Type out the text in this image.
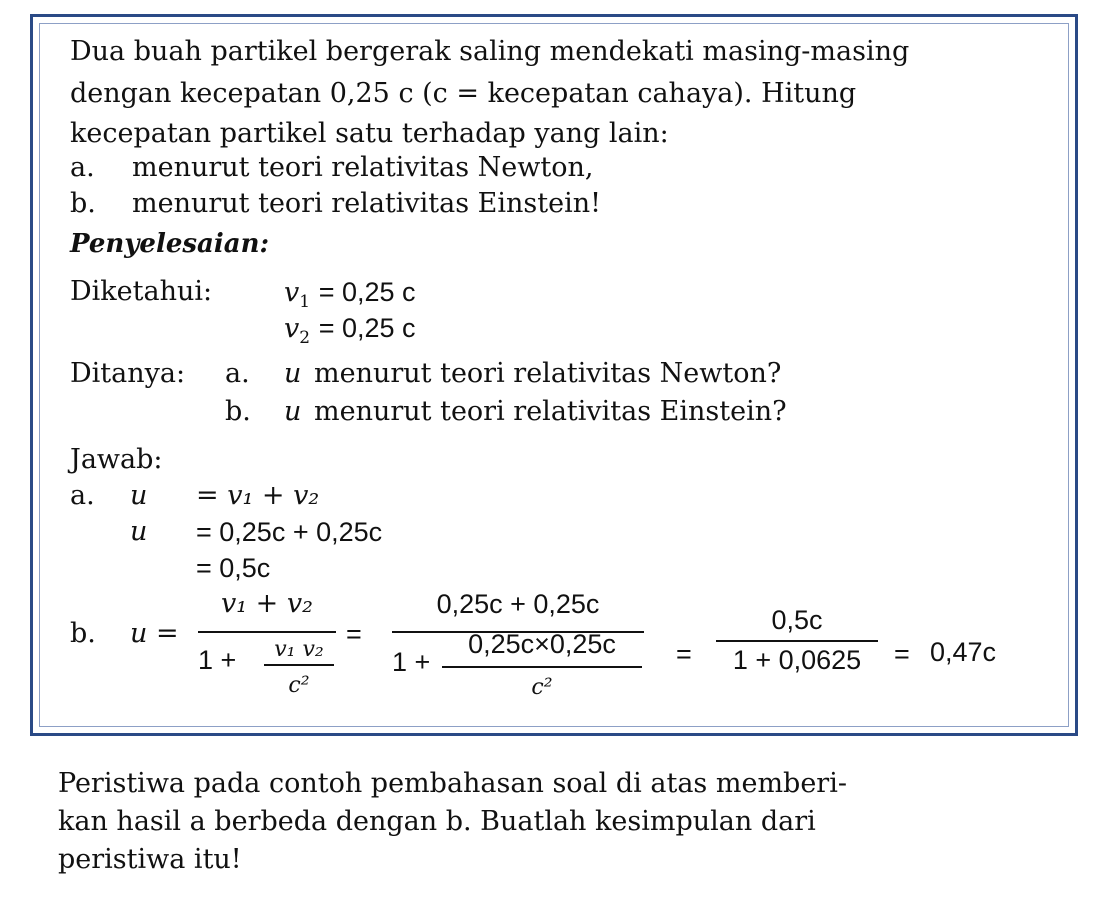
Dua buah partikel bergerak saling mendekati masing-masing
dengan kecepatan 0,25 c (c = kecepatan cahaya). Hitung
kecepatan partikel satu terhadap yang lain:
a. menurut teori relativitas Newton,
b. menurut teori relativitas Einstein!
Penyelesaian:
Diketahui:	$v_1 = 0,25$ c
$v_2 = 0,25$ c
Ditanya: a. u menurut teori relativitas Newton?
b. u menurut teori relativitas Einstein?
Jawab:
a. u = v₁ + v₂
u = 0,25c + 0,25c
= 0,5c
b. u =
v₁ + v₂
1 +	v₁ v₂
c²
=
0,25c + 0,25c
1 +
0,25c×0,25c
c²
=
0,5c
1 + 0,0625	= 0,47c
Peristiwa pada contoh pembahasan soal di atas memberi-
kan hasil a berbeda dengan b. Buatlah kesimpulan dari
peristiwa itu!
